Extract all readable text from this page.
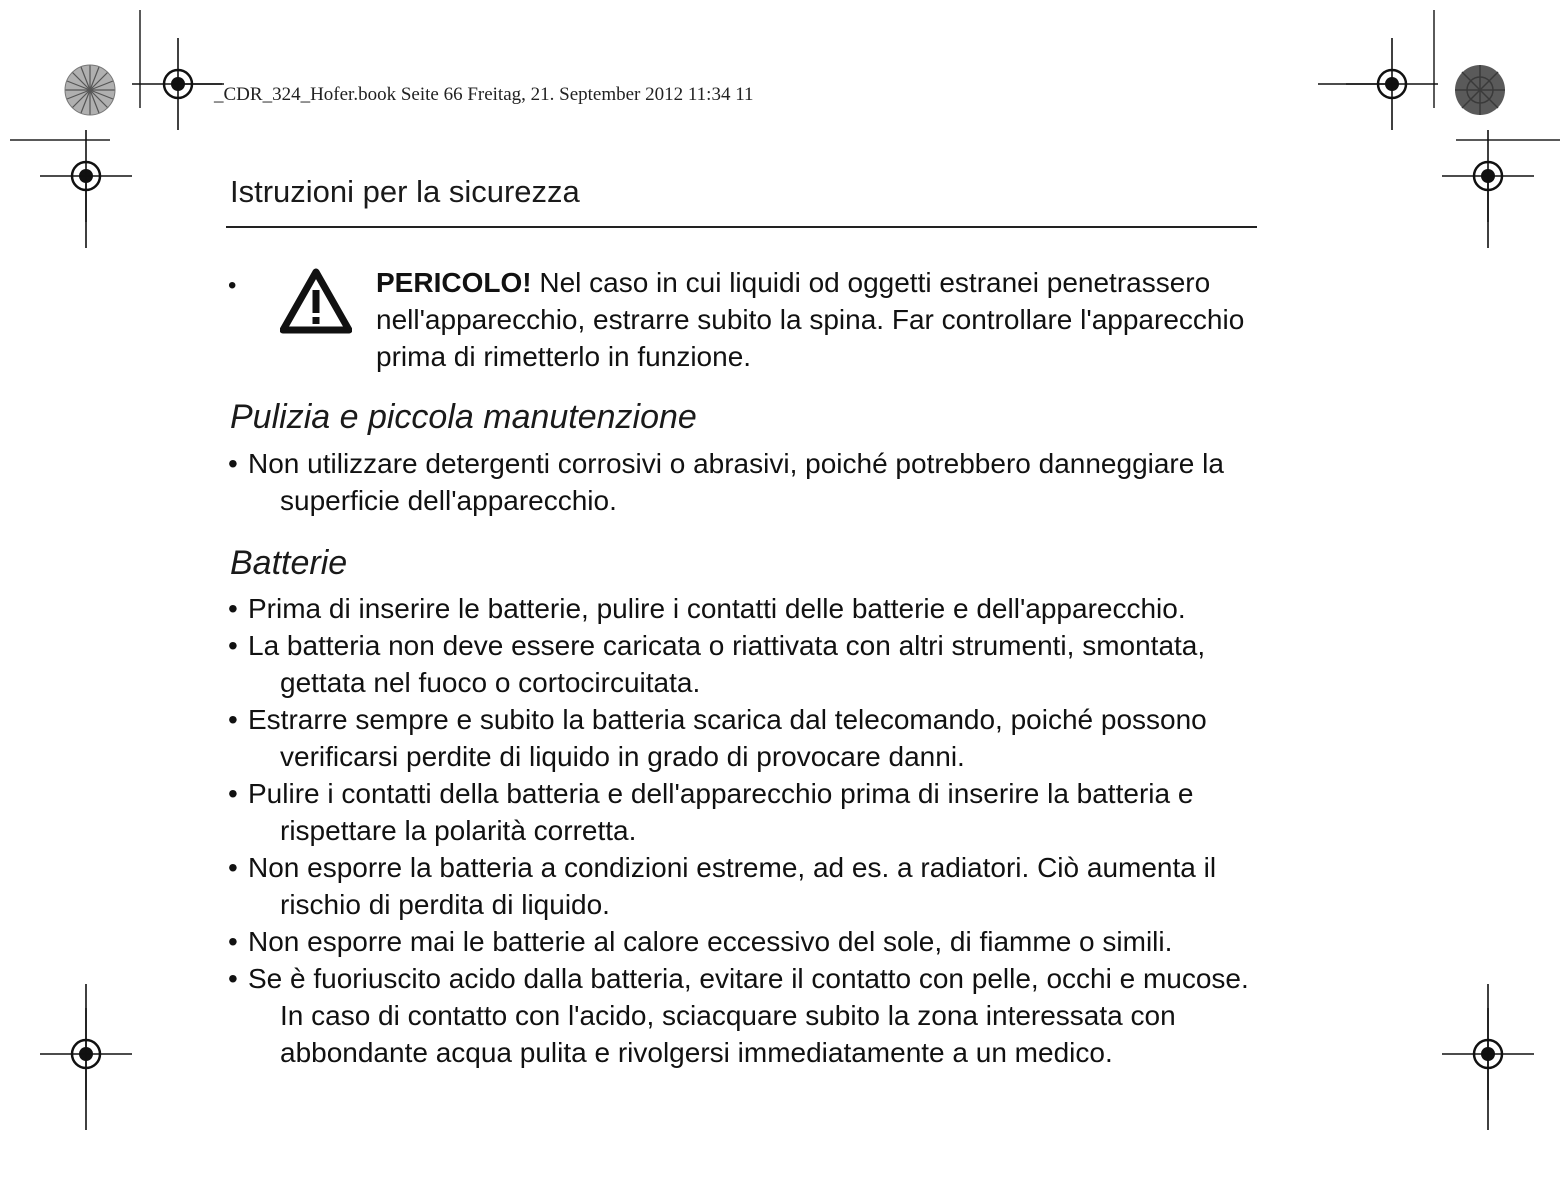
_CDR_324_Hofer.book Seite 66 Freitag, 21. September 2012 11:34 11
Istruzioni per la sicurezza
•	PERICOLO! Nel caso in cui liquidi od oggetti estranei penetrassero nell'apparecchio, estrarre subito la spina. Far controllare l'apparecchio prima di rimetterlo in funzione.
Pulizia e piccola manutenzione
• Non utilizzare detergenti corrosivi o abrasivi, poiché potrebbero danneggiare la superficie dell'apparecchio.
Batterie
• Prima di inserire le batterie, pulire i contatti delle batterie e dell'apparecchio.
• La batteria non deve essere caricata o riattivata con altri strumenti, smontata, gettata nel fuoco o cortocircuitata.
• Estrarre sempre e subito la batteria scarica dal telecomando, poiché possono verificarsi perdite di liquido in grado di provocare danni.
• Pulire i contatti della batteria e dell'apparecchio prima di inserire la batteria e rispettare la polarità corretta.
• Non esporre la batteria a condizioni estreme, ad es. a radiatori. Ciò aumenta il rischio di perdita di liquido.
• Non esporre mai le batterie al calore eccessivo del sole, di fiamme o simili.
• Se è fuoriuscito acido dalla batteria, evitare il contatto con pelle, occhi e mucose. In caso di contatto con l'acido, sciacquare subito la zona interessata con abbondante acqua pulita e rivolgersi immediatamente a un medico.
